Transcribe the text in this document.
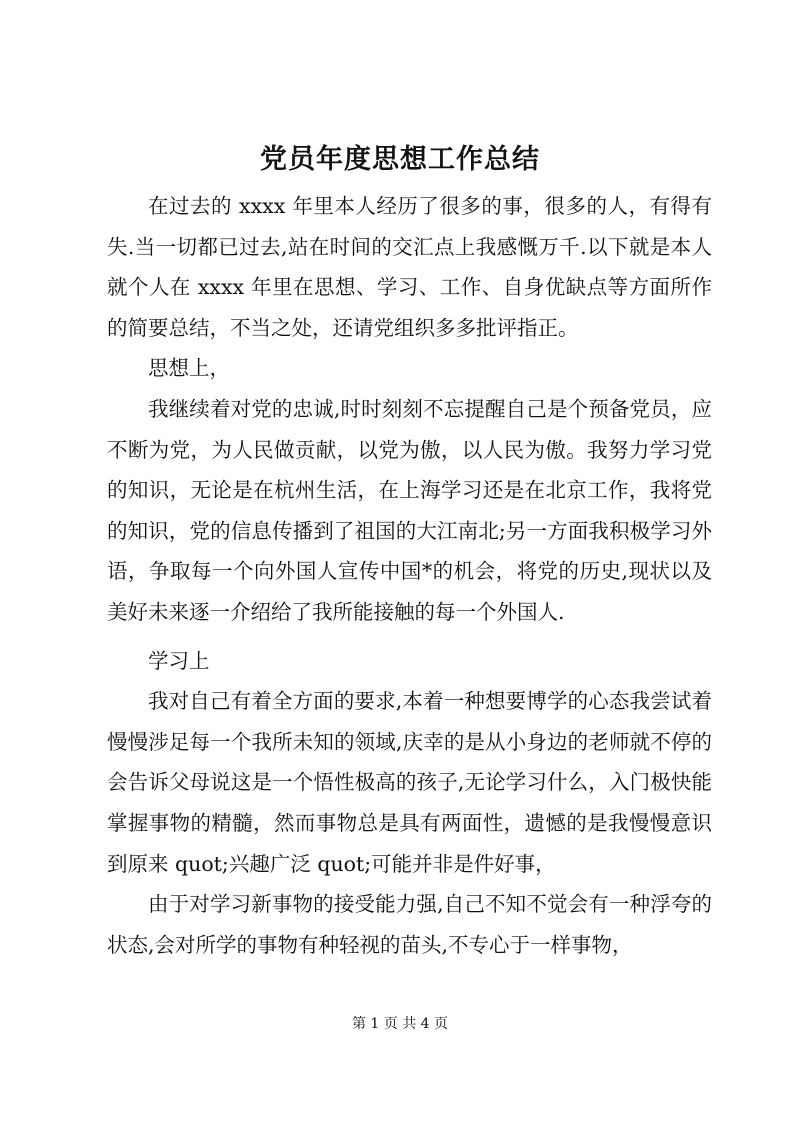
党员年度思想工作总结

在过去的 xxxx 年里本人经历了很多的事，很多的人，有得有失.当一切都已过去,站在时间的交汇点上我感慨万千.以下就是本人就个人在 xxxx 年里在思想、学习、工作、自身优缺点等方面所作的简要总结，不当之处，还请党组织多多批评指正。

思想上，

我继续着对党的忠诚,时时刻刻不忘提醒自己是个预备党员，应不断为党，为人民做贡献，以党为傲，以人民为傲。我努力学习党的知识，无论是在杭州生活，在上海学习还是在北京工作，我将党的知识，党的信息传播到了祖国的大江南北;另一方面我积极学习外语，争取每一个向外国人宣传中国*的机会，将党的历史,现状以及美好未来逐一介绍给了我所能接触的每一个外国人.

学习上

我对自己有着全方面的要求,本着一种想要博学的心态我尝试着慢慢涉足每一个我所未知的领域,庆幸的是从小身边的老师就不停的会告诉父母说这是一个悟性极高的孩子,无论学习什么，入门极快能掌握事物的精髓，然而事物总是具有两面性，遗憾的是我慢慢意识到原来 quot;兴趣广泛 quot;可能并非是件好事，

由于对学习新事物的接受能力强,自己不知不觉会有一种浮夸的状态,会对所学的事物有种轻视的苗头,不专心于一样事物，

第 1 页 共 4 页
